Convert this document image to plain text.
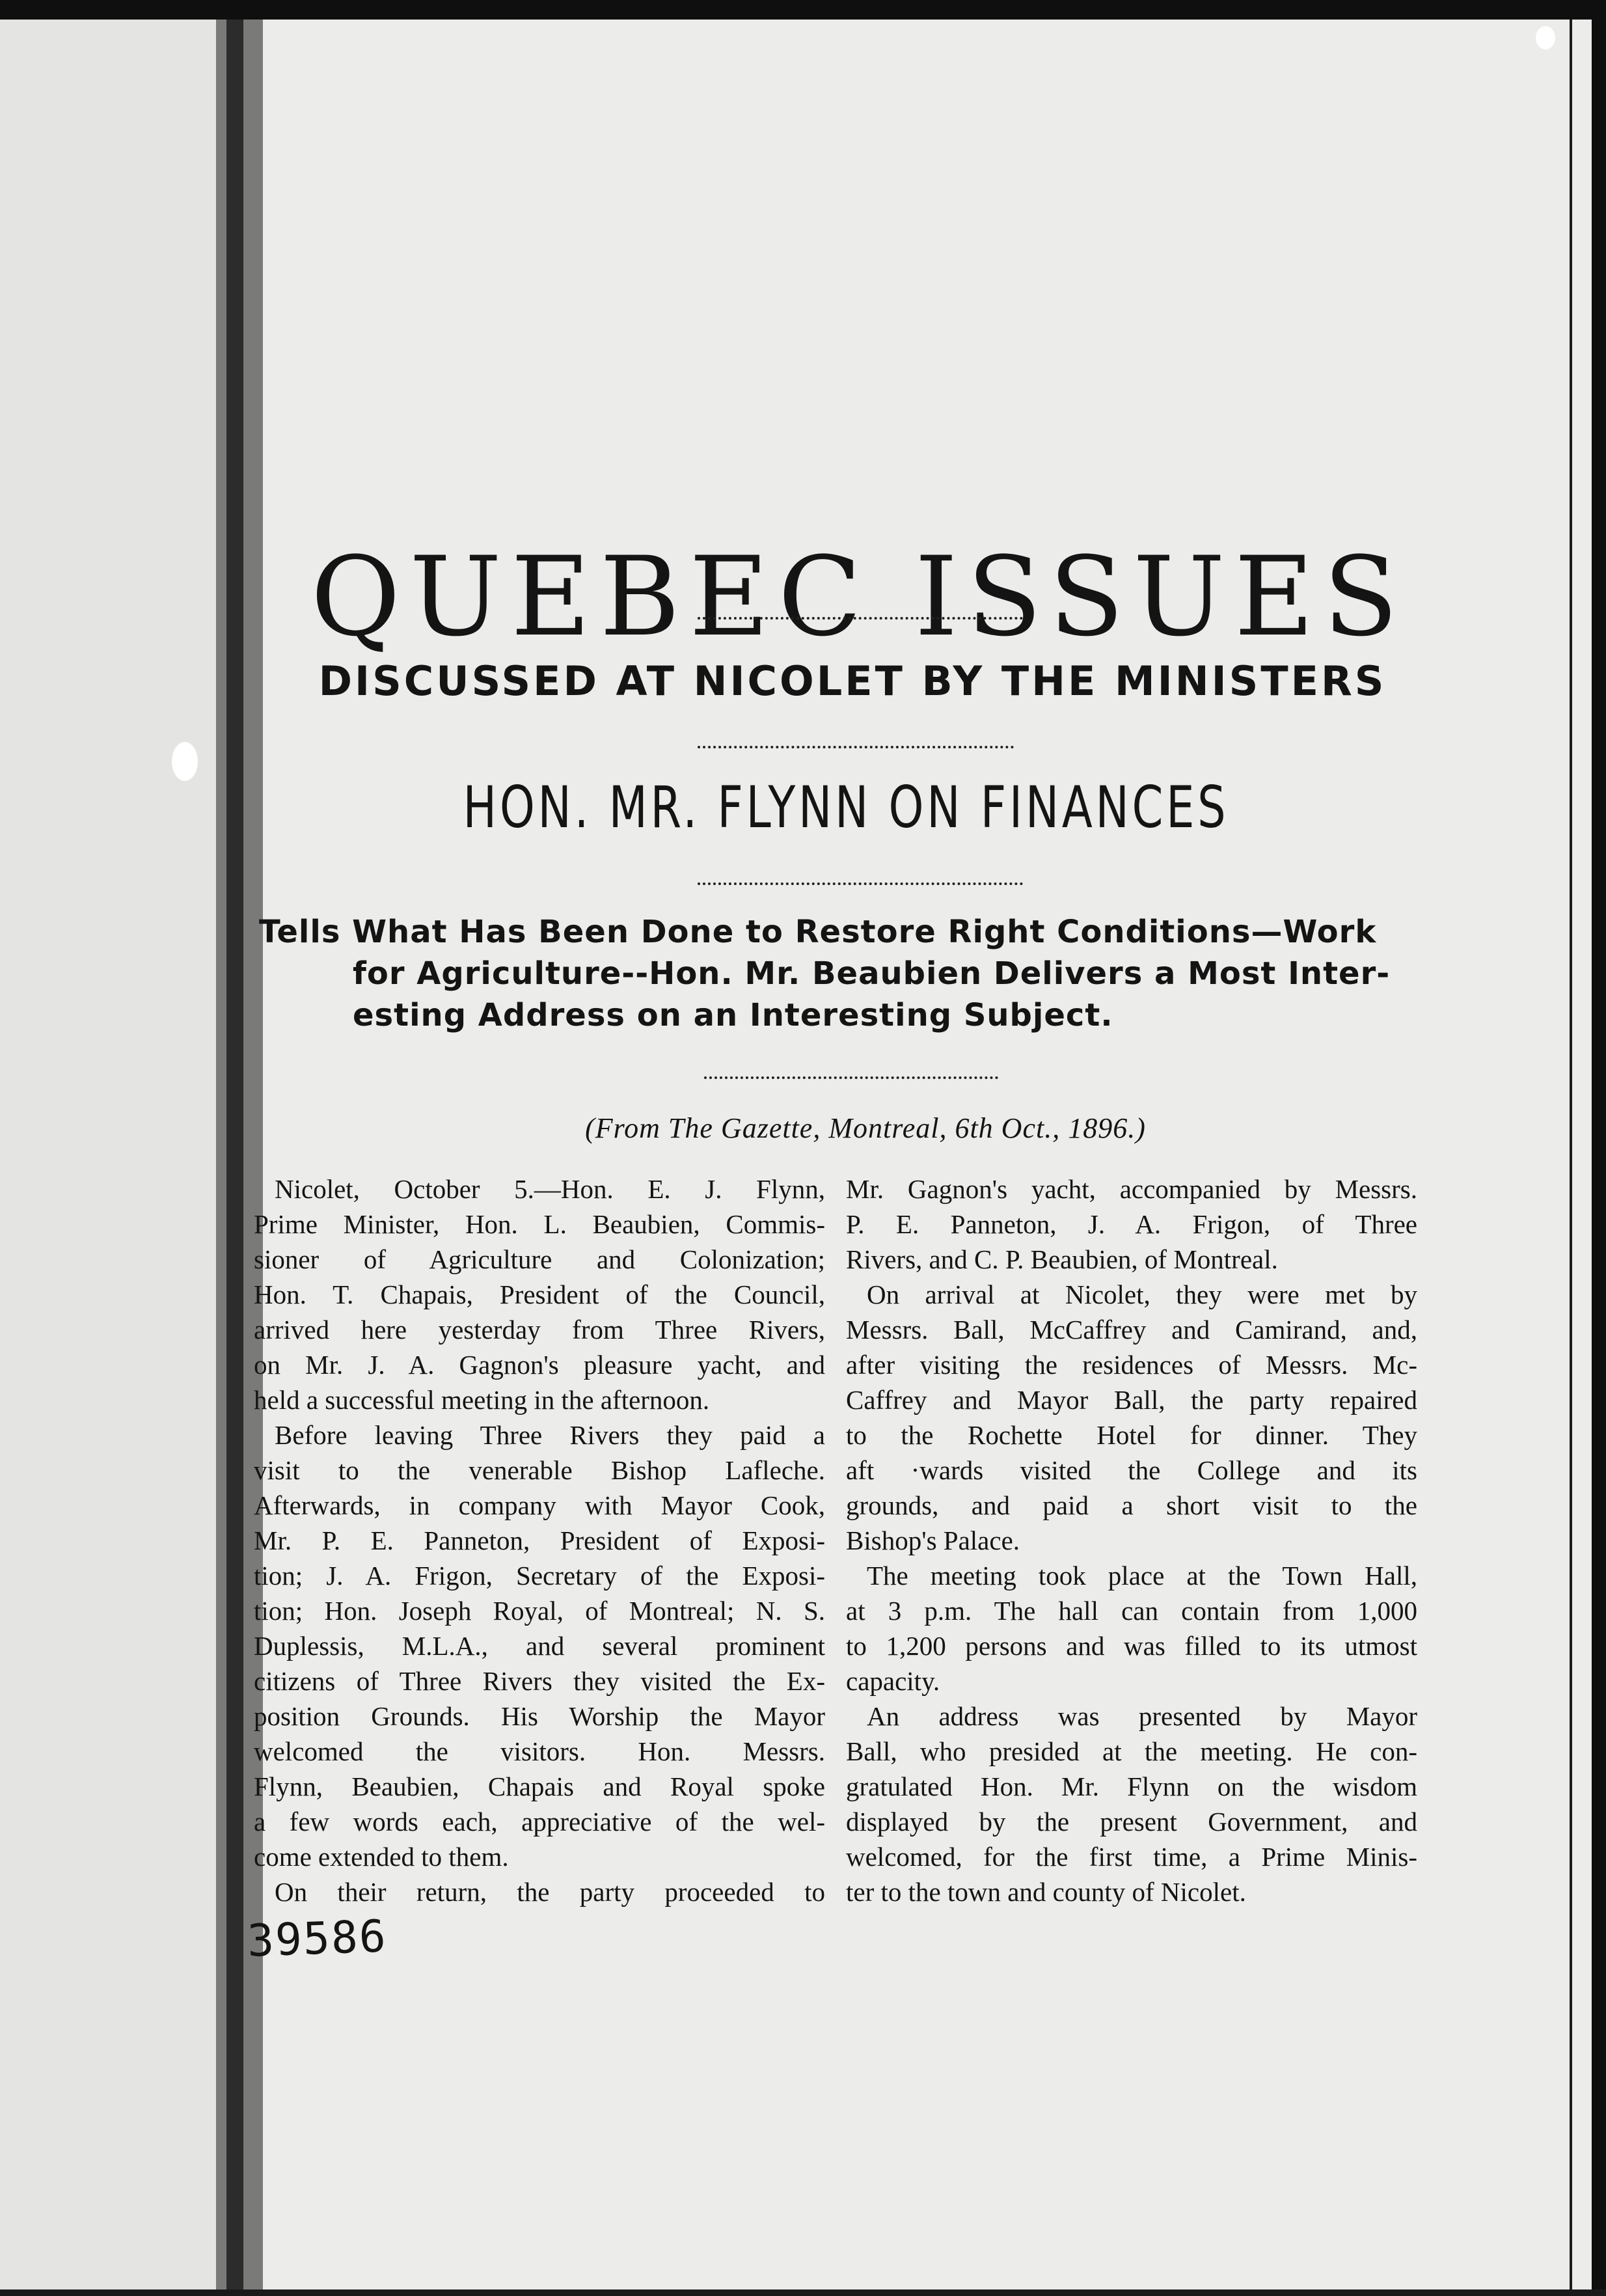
QUEBEC ISSUES
DISCUSSED AT NICOLET BY THE MINISTERS
HON. MR. FLYNN ON FINANCES
Tells What Has Been Done to Restore Right Conditions—Work
for Agriculture--Hon. Mr. Beaubien Delivers a Most Inter-
esting Address on an Interesting Subject.
(From The Gazette, Montreal, 6th Oct., 1896.)
Nicolet, October 5.—Hon. E. J. Flynn,
Prime Minister, Hon. L. Beaubien, Commis-
sioner of Agriculture and Colonization;
Hon. T. Chapais, President of the Council,
arrived here yesterday from Three Rivers,
on Mr. J. A. Gagnon's pleasure yacht, and
held a successful meeting in the afternoon.
Before leaving Three Rivers they paid a
visit to the venerable Bishop Lafleche.
Afterwards, in company with Mayor Cook,
Mr. P. E. Panneton, President of Exposi-
tion; J. A. Frigon, Secretary of the Exposi-
tion; Hon. Joseph Royal, of Montreal; N. S.
Duplessis, M.L.A., and several prominent
citizens of Three Rivers they visited the Ex-
position Grounds. His Worship the Mayor
welcomed the visitors. Hon. Messrs.
Flynn, Beaubien, Chapais and Royal spoke
a few words each, appreciative of the wel-
come extended to them.
On their return, the party proceeded to
Mr. Gagnon's yacht, accompanied by Messrs.
P. E. Panneton, J. A. Frigon, of Three
Rivers, and C. P. Beaubien, of Montreal.
On arrival at Nicolet, they were met by
Messrs. Ball, McCaffrey and Camirand, and,
after visiting the residences of Messrs. Mc-
Caffrey and Mayor Ball, the party repaired
to the Rochette Hotel for dinner. They
aft ·wards visited the College and its
grounds, and paid a short visit to the
Bishop's Palace.
The meeting took place at the Town Hall,
at 3 p.m. The hall can contain from 1,000
to 1,200 persons and was filled to its utmost
capacity.
An address was presented by Mayor
Ball, who presided at the meeting. He con-
gratulated Hon. Mr. Flynn on the wisdom
displayed by the present Government, and
welcomed, for the first time, a Prime Minis-
ter to the town and county of Nicolet.
39586
